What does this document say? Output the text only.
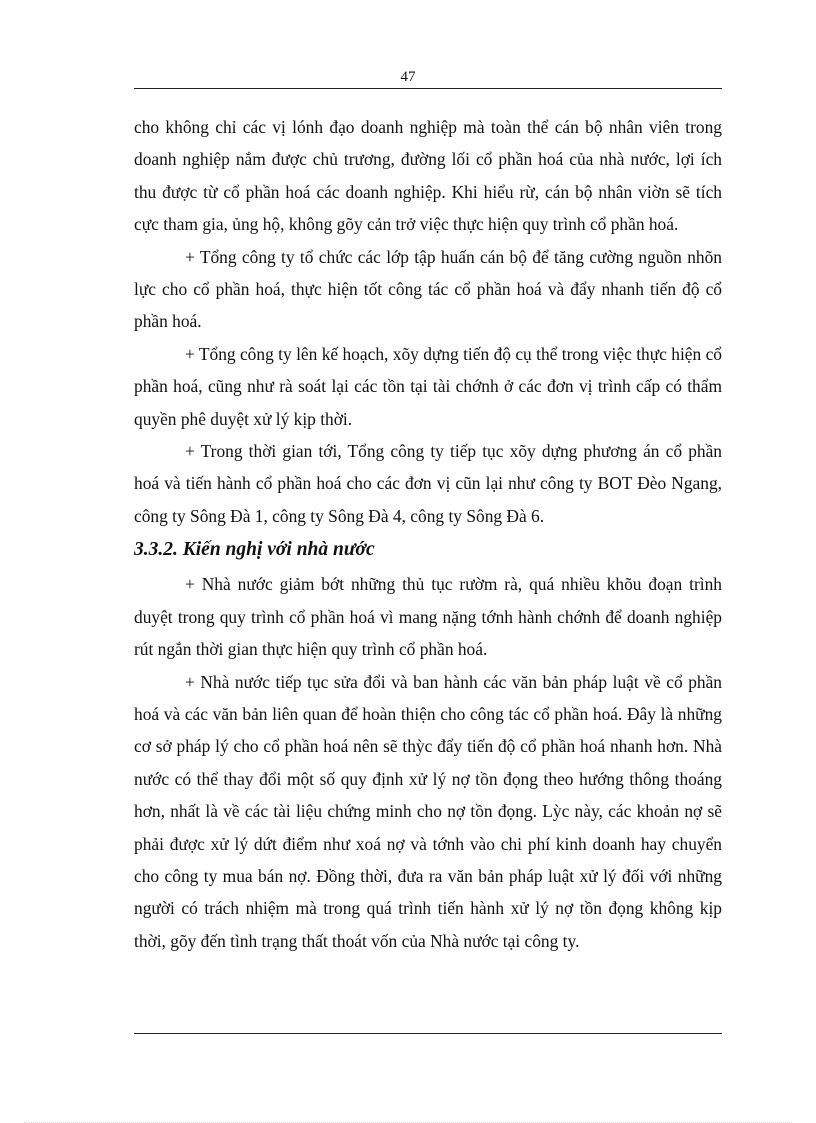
47

cho không chỉ các vị lónh đạo doanh nghiệp mà toàn thể cán bộ nhân viên trong doanh nghiệp nắm được chủ trương, đường lối cổ phần hoá của nhà nước, lợi ích thu được từ cổ phần hoá các doanh nghiệp. Khi hiểu rừ, cán bộ nhân viờn sẽ tích cực tham gia, ủng hộ, không gõy cản trở việc thực hiện quy trình cổ phần hoá.

+ Tổng công ty tổ chức các lớp tập huấn cán bộ để tăng cường nguồn nhõn lực cho cổ phần hoá, thực hiện tốt công tác cổ phần hoá và đẩy nhanh tiến độ cổ phần hoá.

+ Tổng công ty lên kế hoạch, xõy dựng tiến độ cụ thể trong việc thực hiện cổ phần hoá, cũng như rà soát lại các tồn tại tài chớnh ở các đơn vị trình cấp có thẩm quyền phê duyệt xử lý kịp thời.

+ Trong thời gian tới, Tổng công ty tiếp tục xõy dựng phương án cổ phần hoá và tiến hành cổ phần hoá cho các đơn vị cũn lại như công ty BOT Đèo Ngang, công ty Sông Đà 1, công ty Sông Đà 4, công ty Sông Đà 6.

3.3.2. Kiến nghị với nhà nước

+ Nhà nước giảm bớt những thủ tục rườm rà, quá nhiều khõu đoạn trình duyệt trong quy trình cổ phần hoá vì mang nặng tớnh hành chớnh để doanh nghiệp rút ngắn thời gian thực hiện quy trình cổ phần hoá.

+ Nhà nước tiếp tục sửa đổi và ban hành các văn bản pháp luật về cổ phần hoá và các văn bản liên quan để hoàn thiện cho công tác cổ phần hoá. Đây là những cơ sở pháp lý cho cổ phần hoá nên sẽ thỳc đẩy tiến độ cổ phần hoá nhanh hơn. Nhà nước có thể thay đổi một số quy định xử lý nợ tồn đọng theo hướng thông thoáng hơn, nhất là về các tài liệu chứng minh cho nợ tồn đọng. Lỳc này, các khoản nợ sẽ phải được xử lý dứt điểm như xoá nợ và tớnh vào chi phí kinh doanh hay chuyển cho công ty mua bán nợ. Đồng thời, đưa ra văn bản pháp luật xử lý đối với những người có trách nhiệm mà trong quá trình tiến hành xử lý nợ tồn đọng không kịp thời, gõy đến tình trạng thất thoát vốn của Nhà nước tại công ty.
